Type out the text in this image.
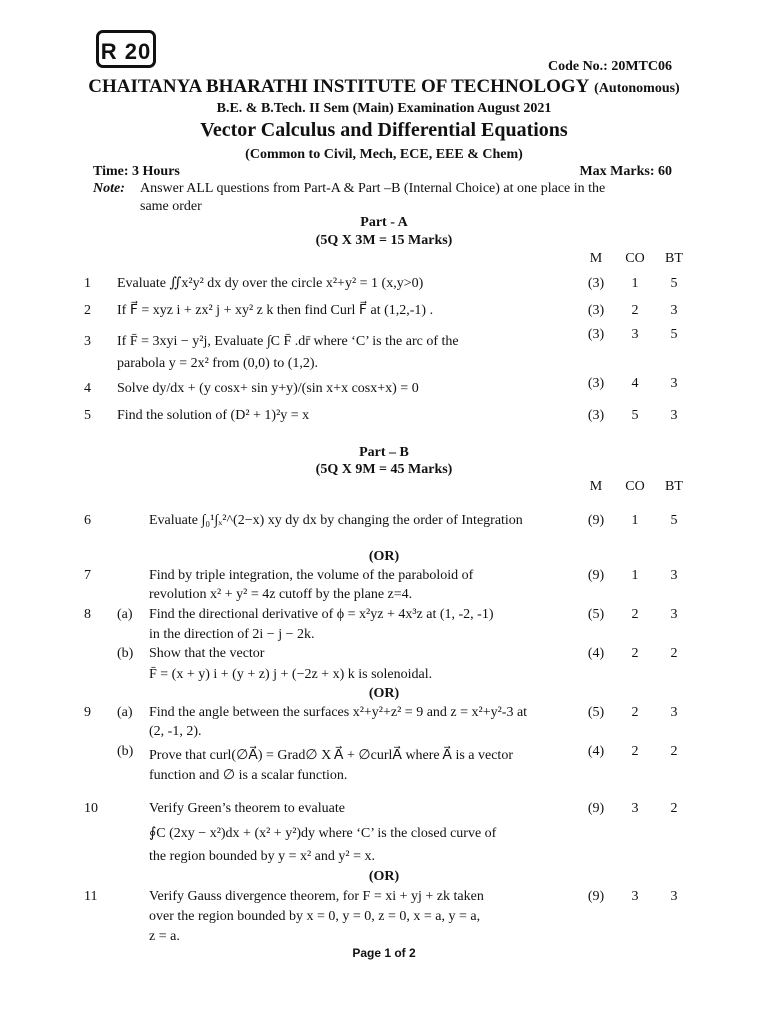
R 20
Code No.: 20MTC06
CHAITANYA BHARATHI INSTITUTE OF TECHNOLOGY (Autonomous)
B.E. & B.Tech. II Sem (Main) Examination August 2021
Vector Calculus and Differential Equations
(Common to Civil, Mech, ECE, EEE & Chem)
Time: 3 Hours	Max Marks: 60
Note: Answer ALL questions from Part-A & Part –B (Internal Choice) at one place in the
same order
Part - A
(5Q X 3M = 15 Marks)
M	CO	BT
1 Evaluate ∬x²y² dx dy over the circle x²+y² = 1 (x,y>0)	(3)	1	5
2 If F⃗ = xyz i + zx² j + xy² z k then find Curl F⃗ at (1,2,-1) .	(3)	2	3
3 If F̄ = 3xyi − y²j, Evaluate ∫C F̄ .dr̄ where ‘C’ is the arc of the
parabola y = 2x² from (0,0) to (1,2).
(3)	3	5
4 Solve dy/dx + (y cosx+ sin y+y)/(sin x+x cosx+x) = 0	(3)	4	3
5 Find the solution of (D² + 1)²y = x	(3)	5	3
Part – B
(5Q X 9M = 45 Marks)
M	CO	BT
6	Evaluate ∫₀¹∫ₓ²^(2−x) xy dy dx by changing the order of Integration	(9)	1	5
(OR)
7	Find by triple integration, the volume of the paraboloid of
revolution x² + y² = 4z cutoff by the plane z=4.
(9)	1	3
8 (a) Find the directional derivative of ϕ = x²yz + 4x³z at (1, -2, -1)
in the direction of 2i − j − 2k.
(5)	2	3
(b) Show that the vector
F̄ = (x + y) i + (y + z) j + (−2z + x) k is solenoidal.
(4)	2	2
(OR)
9 (a) Find the angle between the surfaces x²+y²+z² = 9 and z = x²+y²-3 at
(2, -1, 2).
(5)	2	3
(b) Prove that curl(∅A⃗) = Grad∅ X A⃗ + ∅curlA⃗ where A⃗ is a vector
function and ∅ is a scalar function.
(4)	2	2
10	Verify Green’s theorem to evaluate
∮C (2xy − x²)dx + (x² + y²)dy where ‘C’ is the closed curve of
the region bounded by y = x² and y² = x.
(9)	3	2
(OR)
11	Verify Gauss divergence theorem, for F = xi + yj + zk taken
over the region bounded by x = 0, y = 0, z = 0, x = a, y = a,
z = a.
(9)	3	3
Page 1 of 2
